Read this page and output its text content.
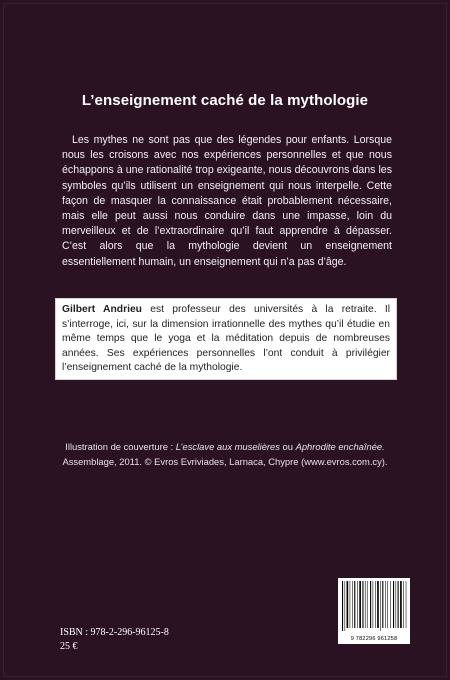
L’enseignement caché de la mythologie

Les mythes ne sont pas que des légendes pour enfants. Lorsque nous les croisons avec nos expériences personnelles et que nous échappons à une rationalité trop exigeante, nous découvrons dans les symboles qu’ils utilisent un enseignement qui nous interpelle. Cette façon de masquer la connaissance était probablement nécessaire, mais elle peut aussi nous conduire dans une impasse, loin du merveilleux et de l’extraordinaire qu’il faut apprendre à dépasser. C’est alors que la mythologie devient un enseignement essentiellement humain, un enseignement qui n’a pas d’âge.

Gilbert Andrieu est professeur des universités à la retraite. Il s’interroge, ici, sur la dimension irrationnelle des mythes qu’il étudie en même temps que le yoga et la méditation depuis de nombreuses années. Ses expériences personnelles l’ont conduit à privilégier l’enseignement caché de la mythologie.

Illustration de couverture : L’esclave aux muselières ou Aphrodite enchaînée.
Assemblage, 2011. © Evros Evriviades, Larnaca, Chypre (www.evros.com.cy).

ISBN : 978-2-296-96125-8

25 €

9 782296 961258
